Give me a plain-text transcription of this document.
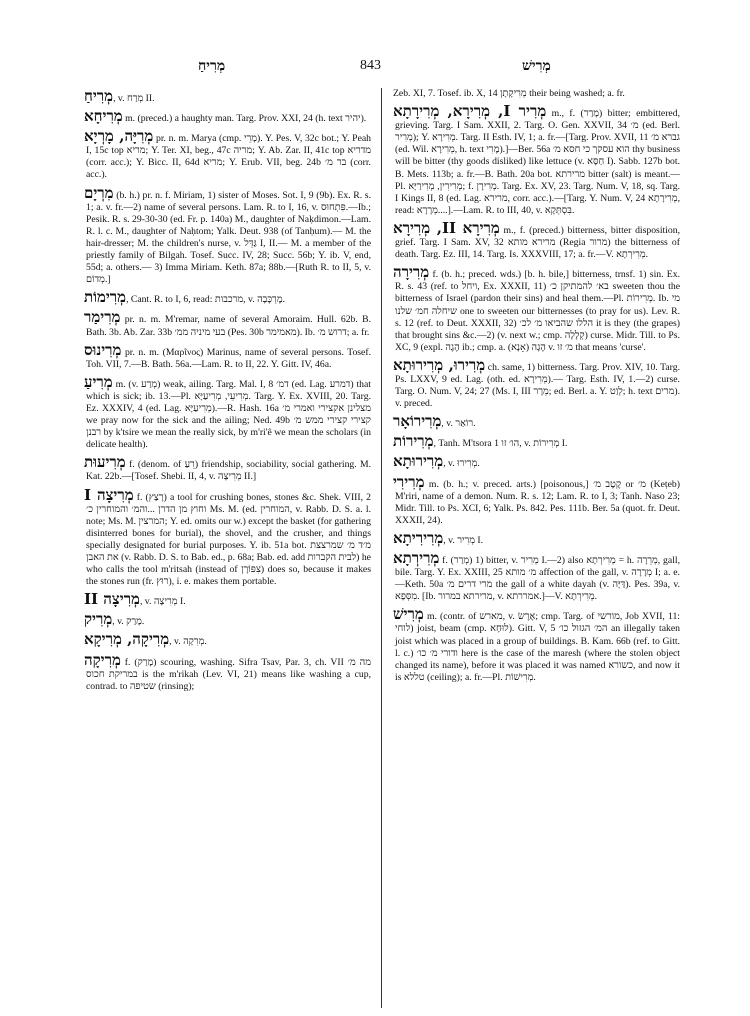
מְרִיחַ	843	מְרִישׁ

מְרִיחַ, v. מְרַח II.

מְרִיחָא m. (preced.) a haughty man. Targ. Prov. XXI, 24 (h. text יהיר).

מְרִיָּה, מָרְיָא pr. n. m. Marya (cmp. מָרֵי). Y. Pes. V, 32c bot.; Y. Peah I, 15c top מריא; Y. Ter. XI, beg., 47c מריה; Y. Ab. Zar. II, 41c top מדריא (corr. acc.); Y. Bicc. II, 64d מריא; Y. Erub. VII, beg. 24b בר מ׳ (corr. acc.).

מִרְיָם (b. h.) pr. n. f. Miriam, 1) sister of Moses. Sot. I, 9 (9b). Ex. R. s. 1; a. v. fr.—2) name of several persons. Lam. R. to I, 16, v. פִּתְחוּס.—Ib.; Pesik. R. s. 29-30-30 (ed. Fr. p. 140a) M., daughter of Naḳdimon.—Lam. R. l. c. M., daughter of Naḥtom; Yalk. Deut. 938 (of Tanḥum).— M. the hair-dresser; M. the children's nurse, v. גַּדֵּל I, II.— M. a member of the priestly family of Bilgah. Tosef. Succ. IV, 28; Succ. 56b; Y. ib. V, end, 55d; a. others.— 3) Imma Miriam. Keth. 87a; 88b.—[Ruth R. to II, 5, v. מְדוֹם.]

מְרִימוֹת, Cant. R. to I, 6, read: מרכבות, v. מֶרְכָּבָה.

מְרִימַר pr. n. m. M'remar, name of several Amoraim. Hull. 62b. B. Bath. 3b. Ab. Zar. 33b בעי מיניה ממ׳ (Pes. 30b מאמימר). Ib. דרוש מ׳; a. fr.

מְרִינוּס pr. n. m. (Μαρῖνος) Marinus, name of several persons. Tosef. Toh. VII, 7.—B. Bath. 56a.—Lam. R. to II, 22. Y. Gitt. IV, 46a.

מְרִיעַ m. (v. מְרַע) weak, ailing. Targ. Mal. I, 8 דמ׳ (ed. Lag. דמרע) that which is sick; ib. 13.—Pl. מְרִיעֵי, מְרִיעַיָּא. Targ. Y. Ex. XVIII, 20. Targ. Ez. XXXIV, 4 (ed. Lag. מְרִיעַיָּא).—R. Hash. 16a מצלינן אקצירי ואמרי מ׳ we pray now for the sick and the ailing; Ned. 49b קצירי קצירי ממש מ׳ רבנן by k'tsire we mean the really sick, by m'ri'ê we mean the scholars (in delicate health).

מְרִיעוּת f. (denom. of רֵעַ) friendship, sociability, social gathering. M. Kat. 22b.—[Tosef. Shebi. II, 4, v. מְרִיצָה II.]

מְרִיצָה I f. (רָצַץ) a tool for crushing bones, stones &c. Shek. VIII, 2 וחוץ מן הדרן ...והמ׳ והמוחרין כ׳ Ms. M. (ed. המוחרין, v. Rabb. D. S. a. l. note; Ms. M. המרצין; Y. ed. omits our w.) except the basket (for gathering disinterred bones for burial), the shovel, and the crusher, and things specially designated for burial purposes. Y. ib. 51a bot. מ׳ד מ׳ שמרצצת את האבן (v. Rabb. D. S. to Bab. ed., p. 68a; Bab. ed. add לבית הקברות) he who calls the tool m'ritsah (instead of צִפּוֹרָן) does so, because it makes the stones run (fr. רוּץ), i. e. makes them portable.

מְרִיצָה II, v. מְרִיצָה I.

מְרִיק, v. מָרַק.

מְרִיקָה, מְרִיקָא, v. מְרִקָה.

מְרִיקָה f. (מָרַק) scouring, washing. Sifra Tsav, Par. 3, ch. VII מה מ׳ במריקת חכוס is the m'rikah (Lev. VI, 21) means like washing a cup, contrad. to שטיפה (rinsing);

Zeb. XI, 7. Tosef. ib. X, 14 מְרִיקָתָן their being washed; a. fr.

מְרִיר I, מְרִירָא, מְרִירָתָא m., f. (מָרַר) bitter; embittered, grieving. Targ. I Sam. XXII, 2. Targ. O. Gen. XXVII, 34 מ׳ (ed. Berl. מְרִיר); Y. מְרִירָא. Targ. II Esth. IV, 1; a. fr.—[Targ. Prov. XVII, 11 גברא מ׳ (ed. Wil. מְרִירָא, h. text מֶרִי).]—Ber. 56a הוא עסקך כי חסא מ׳ thy business will be bitter (thy goods disliked) like lettuce (v. חַסָּא I). Sabb. 127b bot. B. Mets. 113b; a. fr.—B. Bath. 20a bot. מרירתא bitter (salt) is meant.—Pl. מְרִירִין, מְרִירַיָּא; f. מְרִירָן. Targ. Ex. XV, 23. Targ. Num. V, 18, sq. Targ. I Kings II, 8 (ed. Lag. מרירא, corr. acc.).—[Targ. Y. Num. V, 24 מְרִירָתָא, read: מְרָרָא....].—Lam. R. to III, 40, v. בִּסְתְּקָא.

מְרִירָא II, מְרִירָא m., f. (preced.) bitterness, bitter disposition, grief. Targ. I Sam. XV, 32 מרירא מותא (Regia מרור) the bitterness of death. Targ. Ez. III, 14. Targ. Is. XXXVIII, 17; a. fr.—V. מְרִירְתָא.

מְרִירָה f. (b. h.; preced. wds.) [b. h. bile,] bitterness, trnsf. 1) sin. Ex. R. s. 43 (ref. to ויחל, Ex. XXXII, 11) בא׳ להמתיקן כ׳ sweeten thou the bitterness of Israel (pardon their sins) and heal them.—Pl. מְרִירוֹת. Ib. מי שיחלה חמ׳ שלנו one to sweeten our bitternesses (to pray for us). Lev. R. s. 12 (ref. to Deut. XXXII, 32) הללו שהביאו מ׳ לכ׳ it is they (the grapes) that brought sins &c.—2) (v. next w.; cmp. קְלָלָה) curse. Midr. Till. to Ps. XC, 9 (expl. הֶגֶה ib.; cmp. a. הֶגָה (אָנָא) v. מ׳ זו that means 'curse'.

מְרִירוּ, מְרִירוּתָא ch. same, 1) bitterness. Targ. Prov. XIV, 10. Targ. Ps. LXXV, 9 ed. Lag. (oth. ed. מְרִירָא).— Targ. Esth. IV, 1.—2) curse. Targ. O. Num. V, 24; 27 (Ms. I, III מְרָר; ed. Berl. a. Y. לְוַט; h. text מרים). v. preced.

מְרִירוֹאָר, v. רוֹאַר.

מְרִירוֹת, Tanh. M'tsora 1 הו׳ זו, v. מְרִירוֹת I.

מְרִירוּתָא, v. מְרִירוּ.

מְרִירִי m. (b. h.; v. preced. arts.) [poisonous,] קֶטֶב מ׳ or מ׳ (Keṭeb) M'riri, name of a demon. Num. R. s. 12; Lam. R. to I, 3; Tanh. Naso 23; Midr. Till. to Ps. XCI, 6; Yalk. Ps. 842. Pes. 111b. Ber. 5a (quot. fr. Deut. XXXII, 24).

מְרִירִיתָא, v. מְרִיר I.

מְרִירְתָא f. (מְרַר) 1) bitter, v. מְרִיר I.—2) also מְרִירְתָא = h. מְרֵרָה, gall, bile. Targ. Y. Ex. XXIII, 25 מ׳ מותא affection of the gall, v. מְרָרָה I; a. e.—Keth. 50a מרי דרים מ׳ the gall of a white dayah (v. דַּיָּה). Pes. 39a, v. מִסְּפָא. [Ib. מרירתא במרור, v. אמררתא.]—V. מְרִירְתָא.

מְרִישׁ m. (contr. of מארש, v. אֶרֶשׂ; cmp. Targ. of מורשי, Job XVII, 11: לוחי) joist, beam (cmp. לוּחָא). Gitt. V, 5 המ׳ הגזול כו׳ an illegally taken joist which was placed in a group of buildings. B. Kam. 66b (ref. to Gitt. l. c.) ודורי מ׳ כו׳ here is the case of the maresh (where the stolen object changed its name), before it was placed it was named כשורא, and now it is טללא (ceiling); a. fr.—Pl. מְרִישׁוֹת.
